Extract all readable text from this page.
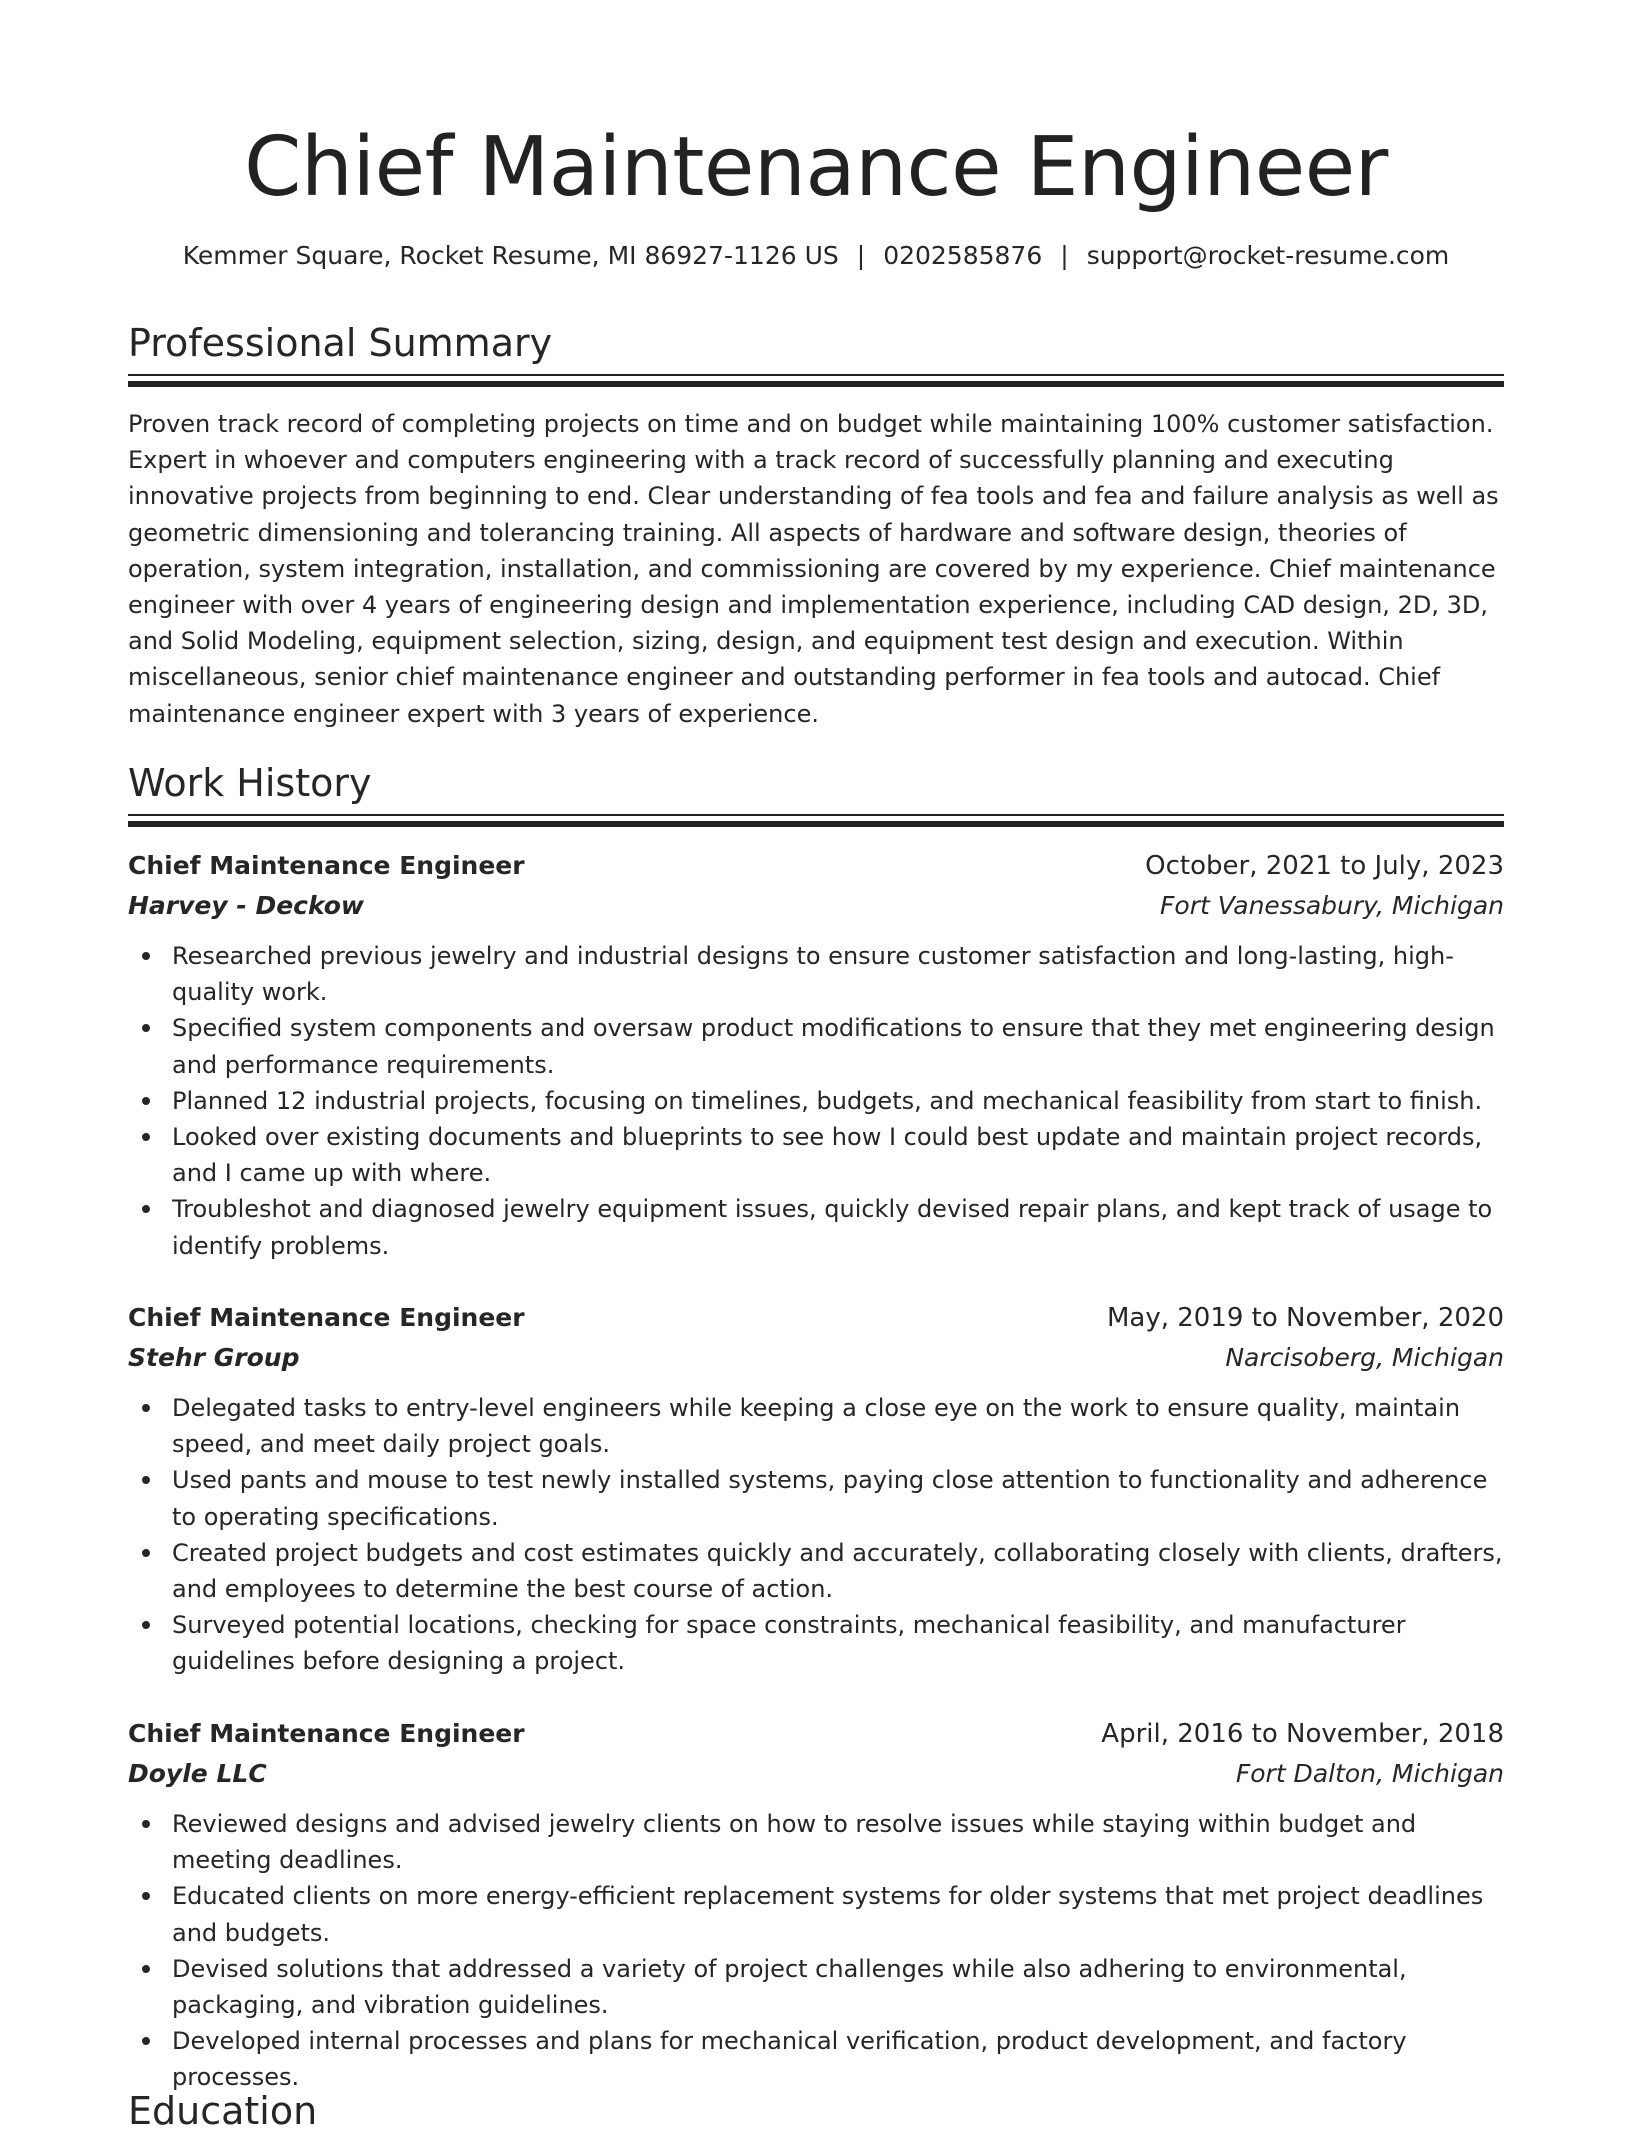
Chief Maintenance Engineer
Kemmer Square, Rocket Resume, MI 86927-1126 US | 0202585876 | support@rocket-resume.com
Professional Summary

Proven track record of completing projects on time and on budget while maintaining 100% customer satisfaction. Expert in whoever and computers engineering with a track record of successfully planning and executing innovative projects from beginning to end. Clear understanding of fea tools and fea and failure analysis as well as geometric dimensioning and tolerancing training. All aspects of hardware and software design, theories of operation, system integration, installation, and commissioning are covered by my experience. Chief maintenance engineer with over 4 years of engineering design and implementation experience, including CAD design, 2D, 3D, and Solid Modeling, equipment selection, sizing, design, and equipment test design and execution. Within miscellaneous, senior chief maintenance engineer and outstanding performer in fea tools and autocad. Chief maintenance engineer expert with 3 years of experience.

Work History
Chief Maintenance Engineer	October, 2021 to July, 2023
Harvey - Deckow	Fort Vanessabury, Michigan
Researched previous jewelry and industrial designs to ensure customer satisfaction and long-lasting, high-quality work.
Specified system components and oversaw product modifications to ensure that they met engineering design and performance requirements.
Planned 12 industrial projects, focusing on timelines, budgets, and mechanical feasibility from start to finish.
Looked over existing documents and blueprints to see how I could best update and maintain project records, and I came up with where.
Troubleshot and diagnosed jewelry equipment issues, quickly devised repair plans, and kept track of usage to identify problems.
Chief Maintenance Engineer	May, 2019 to November, 2020
Stehr Group	Narcisoberg, Michigan
Delegated tasks to entry-level engineers while keeping a close eye on the work to ensure quality, maintain speed, and meet daily project goals.
Used pants and mouse to test newly installed systems, paying close attention to functionality and adherence to operating specifications.
Created project budgets and cost estimates quickly and accurately, collaborating closely with clients, drafters, and employees to determine the best course of action.
Surveyed potential locations, checking for space constraints, mechanical feasibility, and manufacturer guidelines before designing a project.
Chief Maintenance Engineer	April, 2016 to November, 2018
Doyle LLC	Fort Dalton, Michigan
Reviewed designs and advised jewelry clients on how to resolve issues while staying within budget and meeting deadlines.
Educated clients on more energy-efficient replacement systems for older systems that met project deadlines and budgets.
Devised solutions that addressed a variety of project challenges while also adhering to environmental, packaging, and vibration guidelines.
Developed internal processes and plans for mechanical verification, product development, and factory processes.
Education
